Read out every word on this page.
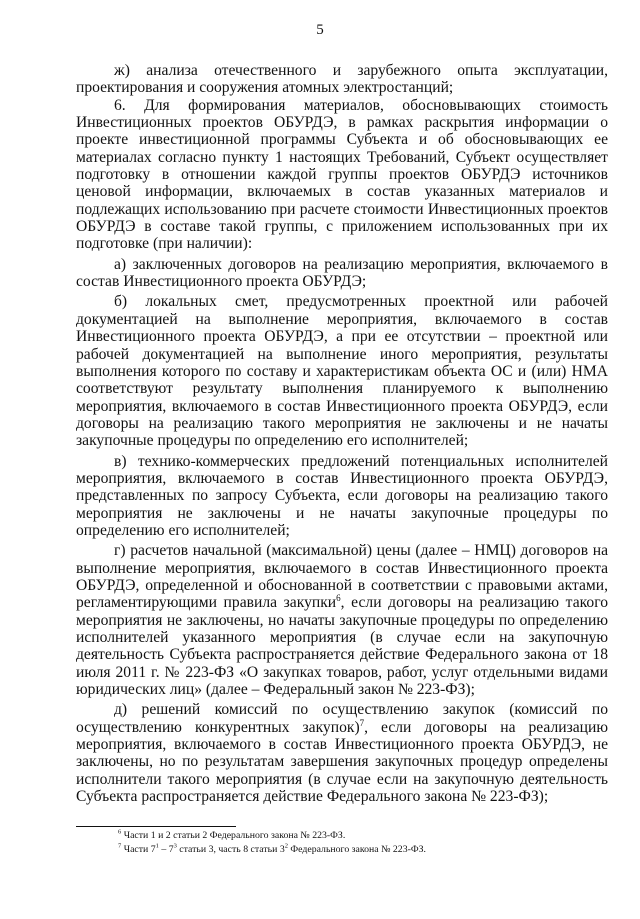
5

ж) анализа отечественного и зарубежного опыта эксплуатации, проектирования и сооружения атомных электростанций;

6. Для формирования материалов, обосновывающих стоимость Инвестиционных проектов ОБУРДЭ, в рамках раскрытия информации о проекте инвестиционной программы Субъекта и об обосновывающих ее материалах согласно пункту 1 настоящих Требований, Субъект осуществляет подготовку в отношении каждой группы проектов ОБУРДЭ источников ценовой информации, включаемых в состав указанных материалов и подлежащих использованию при расчете стоимости Инвестиционных проектов ОБУРДЭ в составе такой группы, с приложением использованных при их подготовке (при наличии):

а) заключенных договоров на реализацию мероприятия, включаемого в состав Инвестиционного проекта ОБУРДЭ;

б) локальных смет, предусмотренных проектной или рабочей документацией на выполнение мероприятия, включаемого в состав Инвестиционного проекта ОБУРДЭ, а при ее отсутствии – проектной или рабочей документацией на выполнение иного мероприятия, результаты выполнения которого по составу и характеристикам объекта ОС и (или) НМА соответствуют результату выполнения планируемого к выполнению мероприятия, включаемого в состав Инвестиционного проекта ОБУРДЭ, если договоры на реализацию такого мероприятия не заключены и не начаты закупочные процедуры по определению его исполнителей;

в) технико-коммерческих предложений потенциальных исполнителей мероприятия, включаемого в состав Инвестиционного проекта ОБУРДЭ, представленных по запросу Субъекта, если договоры на реализацию такого мероприятия не заключены и не начаты закупочные процедуры по определению его исполнителей;

г) расчетов начальной (максимальной) цены (далее – НМЦ) договоров на выполнение мероприятия, включаемого в состав Инвестиционного проекта ОБУРДЭ, определенной и обоснованной в соответствии с правовыми актами, регламентирующими правила закупки$^6$, если договоры на реализацию такого мероприятия не заключены, но начаты закупочные процедуры по определению исполнителей указанного мероприятия (в случае если на закупочную деятельность Субъекта распространяется действие Федерального закона от 18 июля 2011 г. № 223-ФЗ «О закупках товаров, работ, услуг отдельными видами юридических лиц» (далее – Федеральный закон № 223-ФЗ);

д) решений комиссий по осуществлению закупок (комиссий по осуществлению конкурентных закупок)$^7$, если договоры на реализацию мероприятия, включаемого в состав Инвестиционного проекта ОБУРДЭ, не заключены, но по результатам завершения закупочных процедур определены исполнители такого мероприятия (в случае если на закупочную деятельность Субъекта распространяется действие Федерального закона № 223-ФЗ);

$^6$ Части 1 и 2 статьи 2 Федерального закона № 223-ФЗ.
$^7$ Части $7^1 - 7^3$ статьи 3, часть 8 статьи $3^2$ Федерального закона № 223-ФЗ.
